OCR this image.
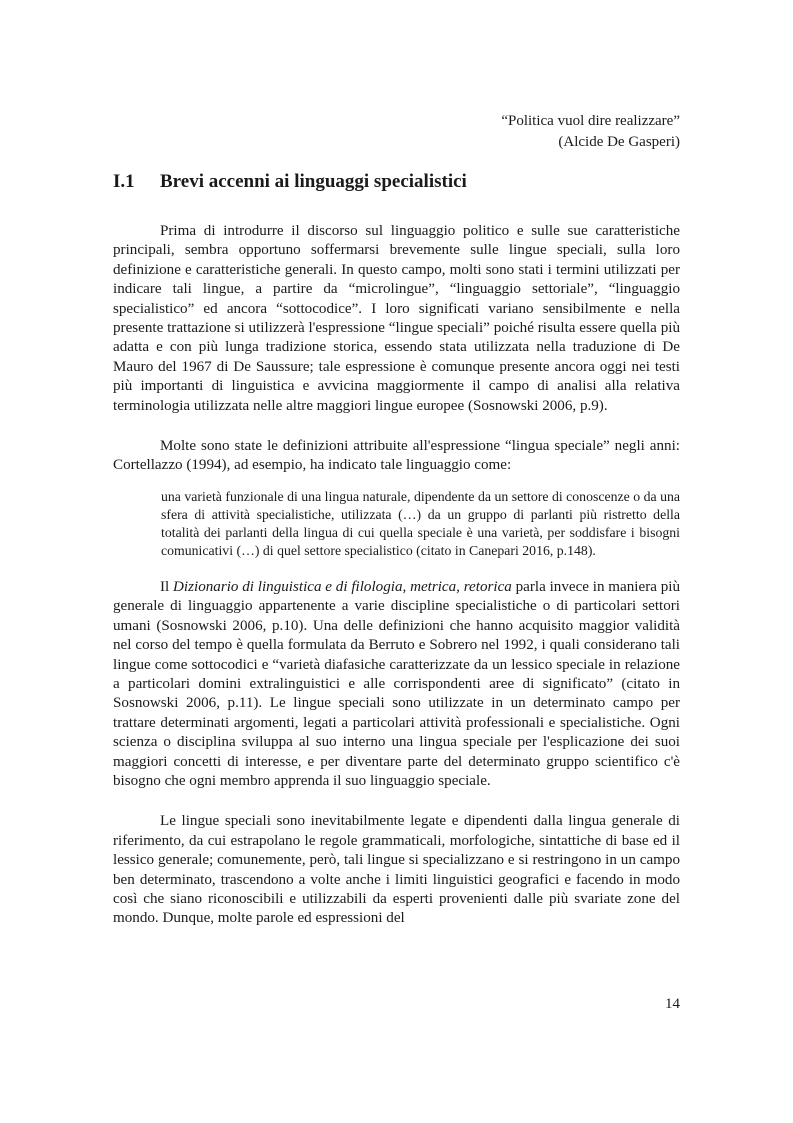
“Politica vuol dire realizzare”
(Alcide De Gasperi)
I.1 Brevi accenni ai linguaggi specialistici

Prima di introdurre il discorso sul linguaggio politico e sulle sue caratteristiche principali, sembra opportuno soffermarsi brevemente sulle lingue speciali, sulla loro definizione e caratteristiche generali. In questo campo, molti sono stati i termini utilizzati per indicare tali lingue, a partire da “microlingue”, “linguaggio settoriale”, “linguaggio specialistico” ed ancora “sottocodice”. I loro significati variano sensibilmente e nella presente trattazione si utilizzerà l'espressione “lingue speciali” poiché risulta essere quella più adatta e con più lunga tradizione storica, essendo stata utilizzata nella traduzione di De Mauro del 1967 di De Saussure; tale espressione è comunque presente ancora oggi nei testi più importanti di linguistica e avvicina maggiormente il campo di analisi alla relativa terminologia utilizzata nelle altre maggiori lingue europee (Sosnowski 2006, p.9).

Molte sono state le definizioni attribuite all'espressione “lingua speciale” negli anni: Cortellazzo (1994), ad esempio, ha indicato tale linguaggio come:

una varietà funzionale di una lingua naturale, dipendente da un settore di conoscenze o da una sfera di attività specialistiche, utilizzata (…) da un gruppo di parlanti più ristretto della totalità dei parlanti della lingua di cui quella speciale è una varietà, per soddisfare i bisogni comunicativi (…) di quel settore specialistico (citato in Canepari 2016, p.148).

Il Dizionario di linguistica e di filologia, metrica, retorica parla invece in maniera più generale di linguaggio appartenente a varie discipline specialistiche o di particolari settori umani (Sosnowski 2006, p.10). Una delle definizioni che hanno acquisito maggior validità nel corso del tempo è quella formulata da Berruto e Sobrero nel 1992, i quali considerano tali lingue come sottocodici e “varietà diafasiche caratterizzate da un lessico speciale in relazione a particolari domini extralinguistici e alle corrispondenti aree di significato” (citato in Sosnowski 2006, p.11). Le lingue speciali sono utilizzate in un determinato campo per trattare determinati argomenti, legati a particolari attività professionali e specialistiche. Ogni scienza o disciplina sviluppa al suo interno una lingua speciale per l'esplicazione dei suoi maggiori concetti di interesse, e per diventare parte del determinato gruppo scientifico c'è bisogno che ogni membro apprenda il suo linguaggio speciale.

Le lingue speciali sono inevitabilmente legate e dipendenti dalla lingua generale di riferimento, da cui estrapolano le regole grammaticali, morfologiche, sintattiche di base ed il lessico generale; comunemente, però, tali lingue si specializzano e si restringono in un campo ben determinato, trascendono a volte anche i limiti linguistici geografici e facendo in modo così che siano riconoscibili e utilizzabili da esperti provenienti dalle più svariate zone del mondo. Dunque, molte parole ed espressioni del

14
